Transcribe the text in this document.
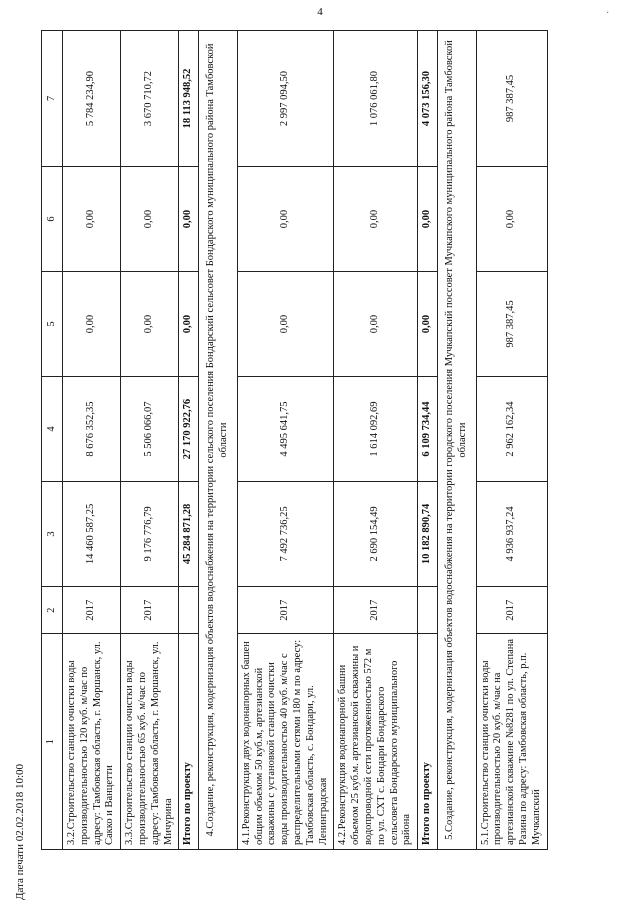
4	·
1	2	3	4	5	6	7
3.2.Строительство станции очистки воды производительностью 120 куб. м/час по адресу: Тамбовская область, г. Моршанск, ул. Сакко и Ванцетти	2017	14 460 587,25	8 676 352,35	0,00	0,00	5 784 234,90
3.3.Строительство станции очистки воды производительностью 65 куб. м/час по адресу: Тамбовская область, г. Моршанск, ул. Мичурина	2017	9 176 776,79	5 506 066,07	0,00	0,00	3 670 710,72
Итого по проекту		45 284 871,28	27 170 922,76	0,00	0,00	18 113 948,52
4.Создание, реконструкция, модернизация объектов водоснабжения на территории сельского поселения Бондарский сельсовет Бондарского муниципального района Тамбовской области						
4.1.Реконструкция двух водонапорных башен общим объемом 50 куб.м, артезианской скважины с установкой станции очистки воды производительностью 40 куб. м/час с распределительными сетями 180 м по адресу: Тамбовская область, с. Бондари, ул. Ленинградская	2017	7 492 736,25	4 495 641,75	0,00	0,00	2 997 094,50
4.2.Реконструкция водонапорной башни объемом 25 куб.м. артезианской скважины и водопроводной сети протяженностью 572 м по ул. СХТ с. Бондари Бондарского сельсовета Бондарского муниципального района	2017	2 690 154,49	1 614 092,69	0,00	0,00	1 076 061,80
Итого по проекту		10 182 890,74	6 109 734,44	0,00	0,00	4 073 156,30
5.Создание, реконструкция, модернизация объектов водоснабжения на территории городского поселения Мучкапский поссовет Мучкапского муниципального района Тамбовской области						
5.1.Строительство станции очистки воды производительностью 20 куб. м/час на артезианской скважине №8281 по ул. Степана Разина по адресу: Тамбовская область, р.п. Мучкапский	2017	4 936 937,24	2 962 162,34	987 387,45	0,00	987 387,45
Дата печати 02.02.2018 10:00
